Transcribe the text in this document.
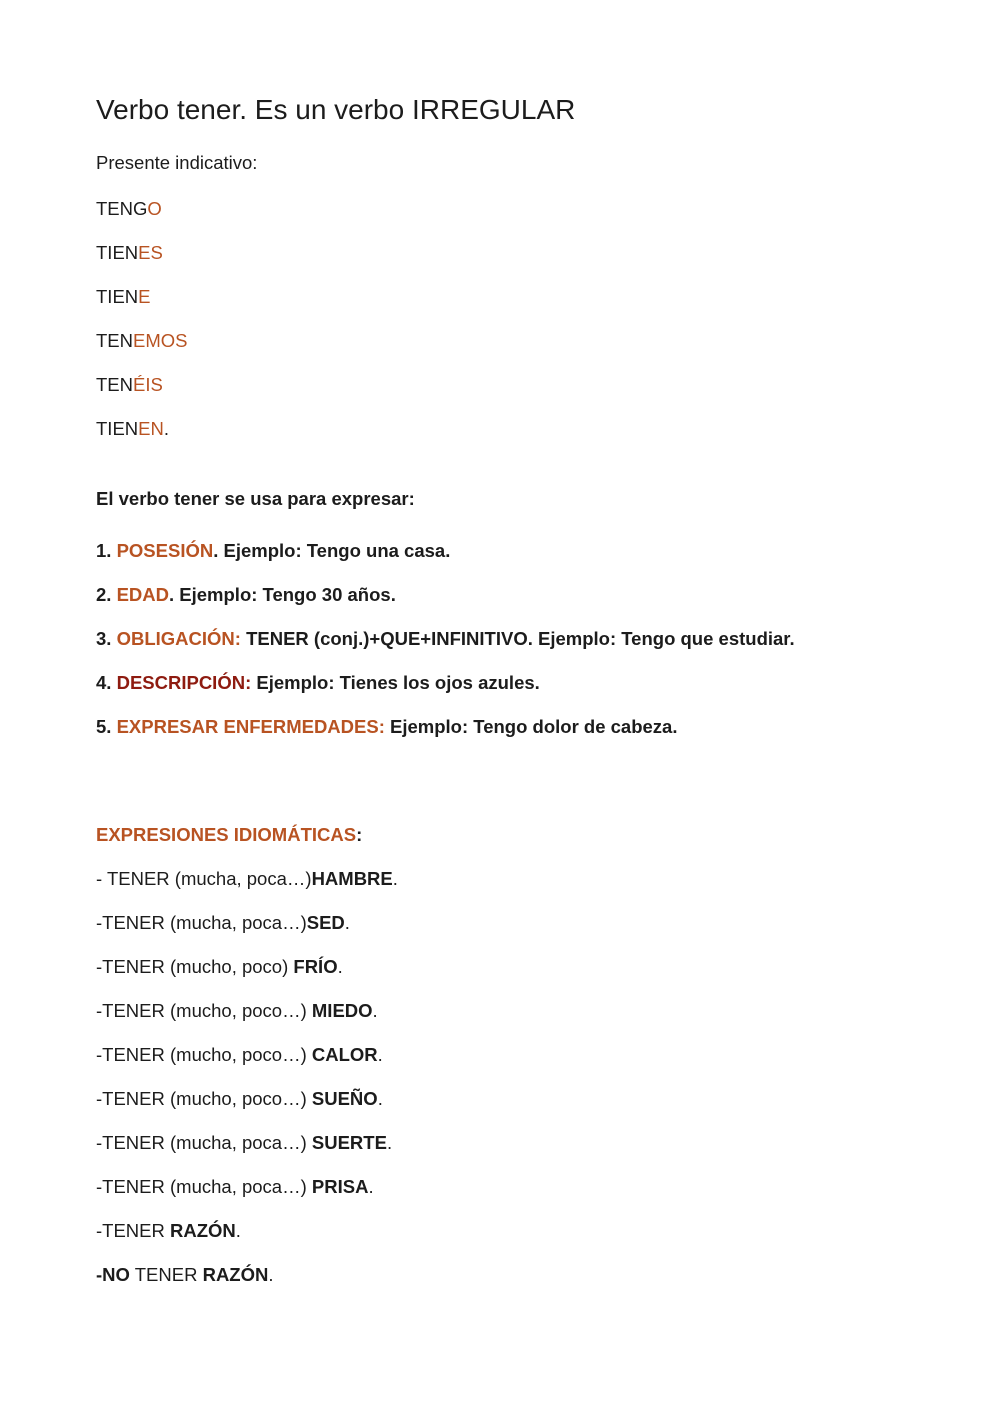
Verbo tener. Es un verbo IRREGULAR
Presente indicativo:
TENGO
TIENES
TIENE
TENEMOS
TENÉIS
TIENEN.
El verbo tener se usa para expresar:
1. POSESIÓN. Ejemplo: Tengo una casa.
2. EDAD. Ejemplo: Tengo 30 años.
3. OBLIGACIÓN: TENER (conj.)+QUE+INFINITIVO. Ejemplo: Tengo que estudiar.
4. DESCRIPCIÓN: Ejemplo: Tienes los ojos azules.
5. EXPRESAR ENFERMEDADES: Ejemplo: Tengo dolor de cabeza.
EXPRESIONES IDIOMÁTICAS:
- TENER (mucha, poca…)HAMBRE.
-TENER (mucha, poca…)SED.
-TENER (mucho, poco) FRÍO.
-TENER (mucho, poco…) MIEDO.
-TENER (mucho, poco…) CALOR.
-TENER (mucho, poco…) SUEÑO.
-TENER (mucha, poca…) SUERTE.
-TENER (mucha, poca…) PRISA.
-TENER RAZÓN.
-NO TENER RAZÓN.
